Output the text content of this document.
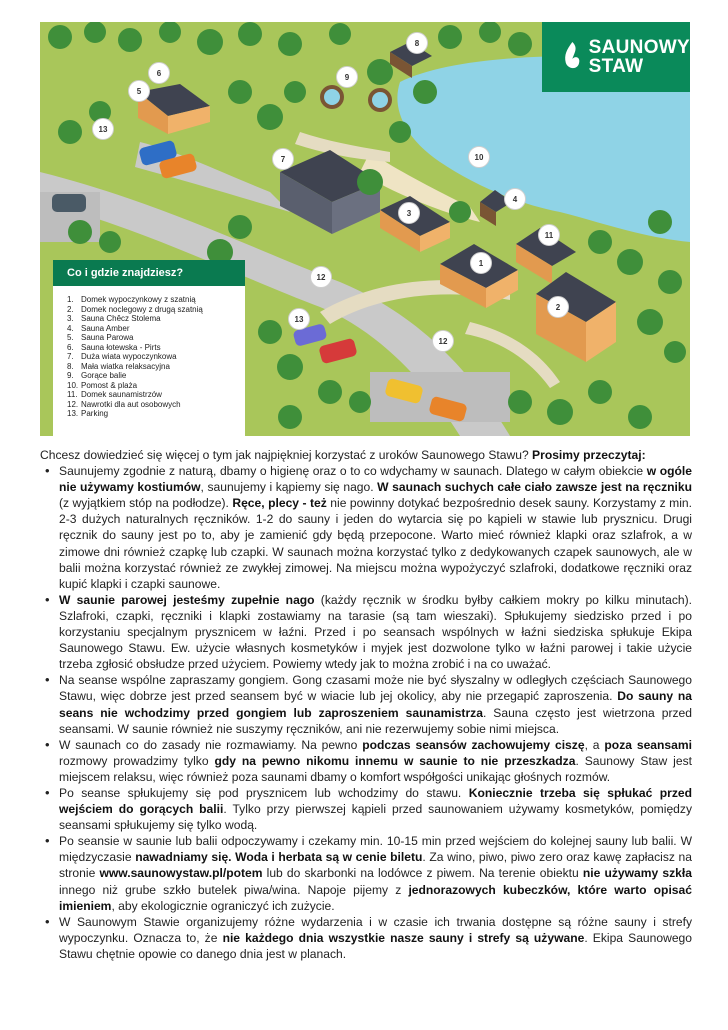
SAUNOWY
STAW
Co i gdzie znajdziesz?
1. Domek wypoczynkowy z szatnią
2. Domek noclegowy z drugą szatnią
3. Sauna Chêcz Stolema
4. Sauna Amber
5. Sauna Parowa
6. Sauna łotewska - Pirts
7. Duża wiata wypoczynkowa
8. Mała wiatka relaksacyjna
9. Gorące balie
10. Pomost & plaża
11. Domek saunamistrzów
12. Nawrotki dla aut osobowych
13. Parking
1
2
3
4
5
6
7
8
9
10
11
12
12
13
13

Chcesz dowiedzieć się więcej o tym jak najpiękniej korzystać z uroków Saunowego Stawu? Prosimy przeczytaj:

• Saunujemy zgodnie z naturą, dbamy o higienę oraz o to co wdychamy w saunach. Dlatego w całym obiekcie w ogóle nie używamy kostiumów, saunujemy i kąpiemy się nago. W saunach suchych całe ciało zawsze jest na ręczniku (z wyjątkiem stóp na podłodze). Ręce, plecy - też nie powinny dotykać bezpośrednio desek sauny. Korzystamy z min. 2-3 dużych naturalnych ręczników. 1-2 do sauny i jeden do wytarcia się po kąpieli w stawie lub prysznicu. Drugi ręcznik do sauny jest po to, aby je zamienić gdy będą przepocone. Warto mieć również klapki oraz szlafrok, a w zimowe dni również czapkę lub czapki. W saunach można korzystać tylko z dedykowanych czapek saunowych, ale w balii można korzystać również ze zwykłej zimowej. Na miejscu można wypożyczyć szlafroki, dodatkowe ręczniki oraz kupić klapki i czapki saunowe.
• W saunie parowej jesteśmy zupełnie nago (każdy ręcznik w środku byłby całkiem mokry po kilku minutach). Szlafroki, czapki, ręczniki i klapki zostawiamy na tarasie (są tam wieszaki). Spłukujemy siedzisko przed i po korzystaniu specjalnym prysznicem w łaźni. Przed i po seansach wspólnych w łaźni siedziska spłukuje Ekipa Saunowego Stawu. Ew. użycie własnych kosmetyków i myjek jest dozwolone tylko w łaźni parowej i takie użycie trzeba zgłosić obsłudze przed użyciem. Powiemy wtedy jak to można zrobić i na co uważać.
• Na seanse wspólne zapraszamy gongiem. Gong czasami może nie być słyszalny w odległych częściach Saunowego Stawu, więc dobrze jest przed seansem być w wiacie lub jej okolicy, aby nie przegapić zaproszenia. Do sauny na seans nie wchodzimy przed gongiem lub zaproszeniem saunamistrza. Sauna często jest wietrzona przed seansami. W saunie również nie suszymy ręczników, ani nie rezerwujemy sobie nimi miejsca.
• W saunach co do zasady nie rozmawiamy. Na pewno podczas seansów zachowujemy ciszę, a poza seansami rozmowy prowadzimy tylko gdy na pewno nikomu innemu w saunie to nie przeszkadza. Saunowy Staw jest miejscem relaksu, więc również poza saunami dbamy o komfort współgości unikając głośnych rozmów.
• Po seanse spłukujemy się pod prysznicem lub wchodzimy do stawu. Koniecznie trzeba się spłukać przed wejściem do gorących balii. Tylko przy pierwszej kąpieli przed saunowaniem używamy kosmetyków, pomiędzy seansami spłukujemy się tylko wodą.
• Po seansie w saunie lub balii odpoczywamy i czekamy min. 10-15 min przed wejściem do kolejnej sauny lub balii. W międzyczasie nawadniamy się. Woda i herbata są w cenie biletu. Za wino, piwo, piwo zero oraz kawę zapłacisz na stronie www.saunowystaw.pl/potem lub do skarbonki na lodówce z piwem. Na terenie obiektu nie używamy szkła innego niż grube szkło butelek piwa/wina. Napoje pijemy z jednorazowych kubeczków, które warto opisać imieniem, aby ekologicznie ograniczyć ich zużycie.
• W Saunowym Stawie organizujemy różne wydarzenia i w czasie ich trwania dostępne są różne sauny i strefy wypoczynku. Oznacza to, że nie każdego dnia wszystkie nasze sauny i strefy są używane. Ekipa Saunowego Stawu chętnie opowie co danego dnia jest w planach.
